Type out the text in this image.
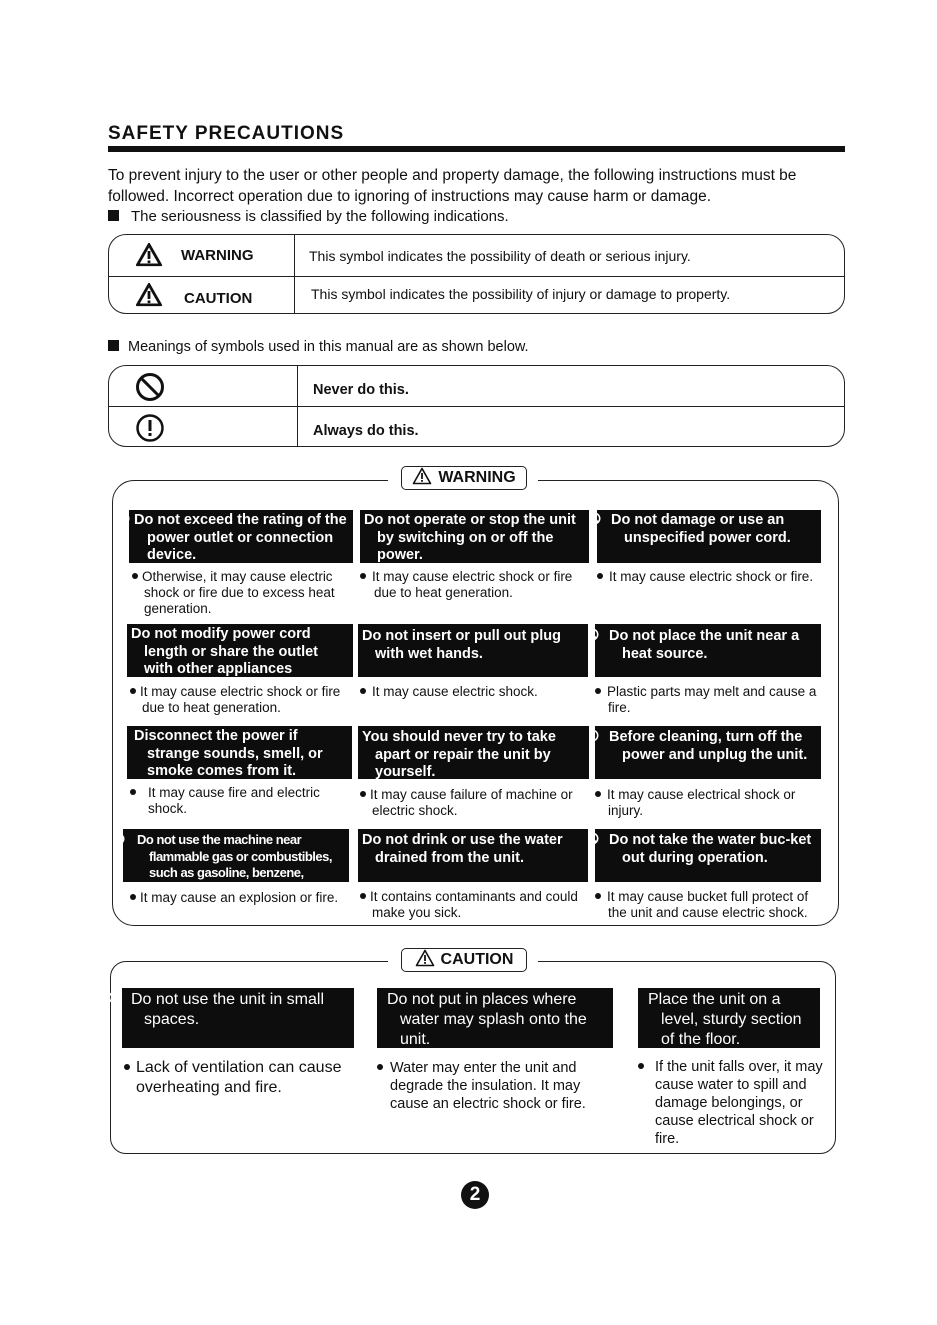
SAFETY PRECAUTIONS
To prevent injury to the user or other people and property damage, the following instructions must be followed. Incorrect operation due to ignoring of instructions may cause harm or damage.
The seriousness is classified by the following indications.
WARNING	This symbol indicates the possibility of death or serious injury.
CAUTION	This symbol indicates the possibility of injury or damage to property.
Meanings of symbols used in this manual are as shown below.
Never do this.
Always do this.
WARNING
Do not exceed the rating of the power outlet or connection device.
Do not operate or stop the unit by switching on or off the power.
Do not damage or use an unspecified power cord.
Otherwise, it may cause electric shock or fire due to excess heat generation.
It may cause electric shock or fire due to heat generation.
It may cause electric shock or fire.
Do not modify power cord length or share the outlet with other appliances
Do not insert or pull out plug with wet hands.
Do not place the unit near a heat source.
It may cause electric shock or fire due to heat generation.
It may cause electric shock.	Plastic parts may melt and cause a fire.
Disconnect the power if strange sounds, smell, or smoke comes from it.
You should never try to take apart or repair the unit by yourself.
Before cleaning, turn off the power and unplug the unit.
It may cause fire and electric shock.
It may cause failure of machine or electric shock.
It may cause electrical shock or injury.
Do not use the machine near flammable gas or combustibles, such as gasoline, benzene,
Do not drink or use the water drained from the unit.
Do not take the water buc-ket out during operation.
It may cause an explosion or fire.	It contains contaminants and could make you sick.
It may cause bucket full protect of the unit and cause electric shock.
CAUTION
Do not use the unit in small spaces.
Do not put in places where water may splash onto the unit.
Place the unit on a level, sturdy section of the floor.
Lack of ventilation can cause overheating and fire.
Water may enter the unit and degrade the insulation. It may cause an electric shock or fire.
If the unit falls over, it may cause water to spill and damage belongings, or cause electrical shock or fire.
2
